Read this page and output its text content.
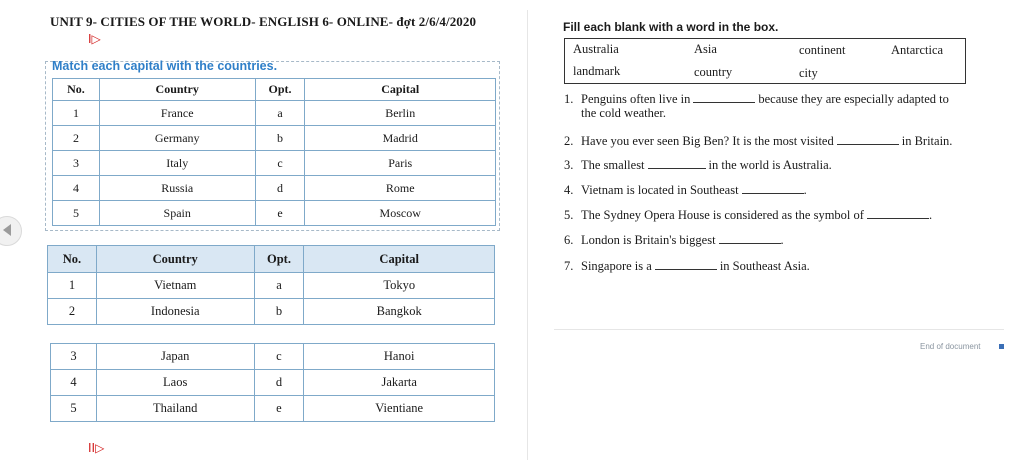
UNIT 9- CITIES OF THE WORLD- ENGLISH 6- ONLINE- đợt 2/6/4/2020
I▷
Match each capital with the countries.
No.	Country	Opt.	Capital
1	France	a	Berlin
2	Germany	b	Madrid
3	Italy	c	Paris
4	Russia	d	Rome
5	Spain	e	Moscow
No.	Country	Opt.	Capital
1	Vietnam	a	Tokyo
2	Indonesia	b	Bangkok
3	Japan	c	Hanoi
4	Laos	d	Jakarta
5	Thailand	e	Vientiane
II▷
Fill each blank with a word in the box.
Australia	Asia	continent	Antarctica
landmark	country	city
1. Penguins often live in	because they are especially adapted to
the cold weather.
2. Have you ever seen Big Ben? It is the most visited	in Britain.
3. The smallest	in the world is Australia.
4. Vietnam is located in Southeast	.
5. The Sydney Opera House is considered as the symbol of	.
6. London is Britain's biggest	.
7. Singapore is a	in Southeast Asia.
End of document
